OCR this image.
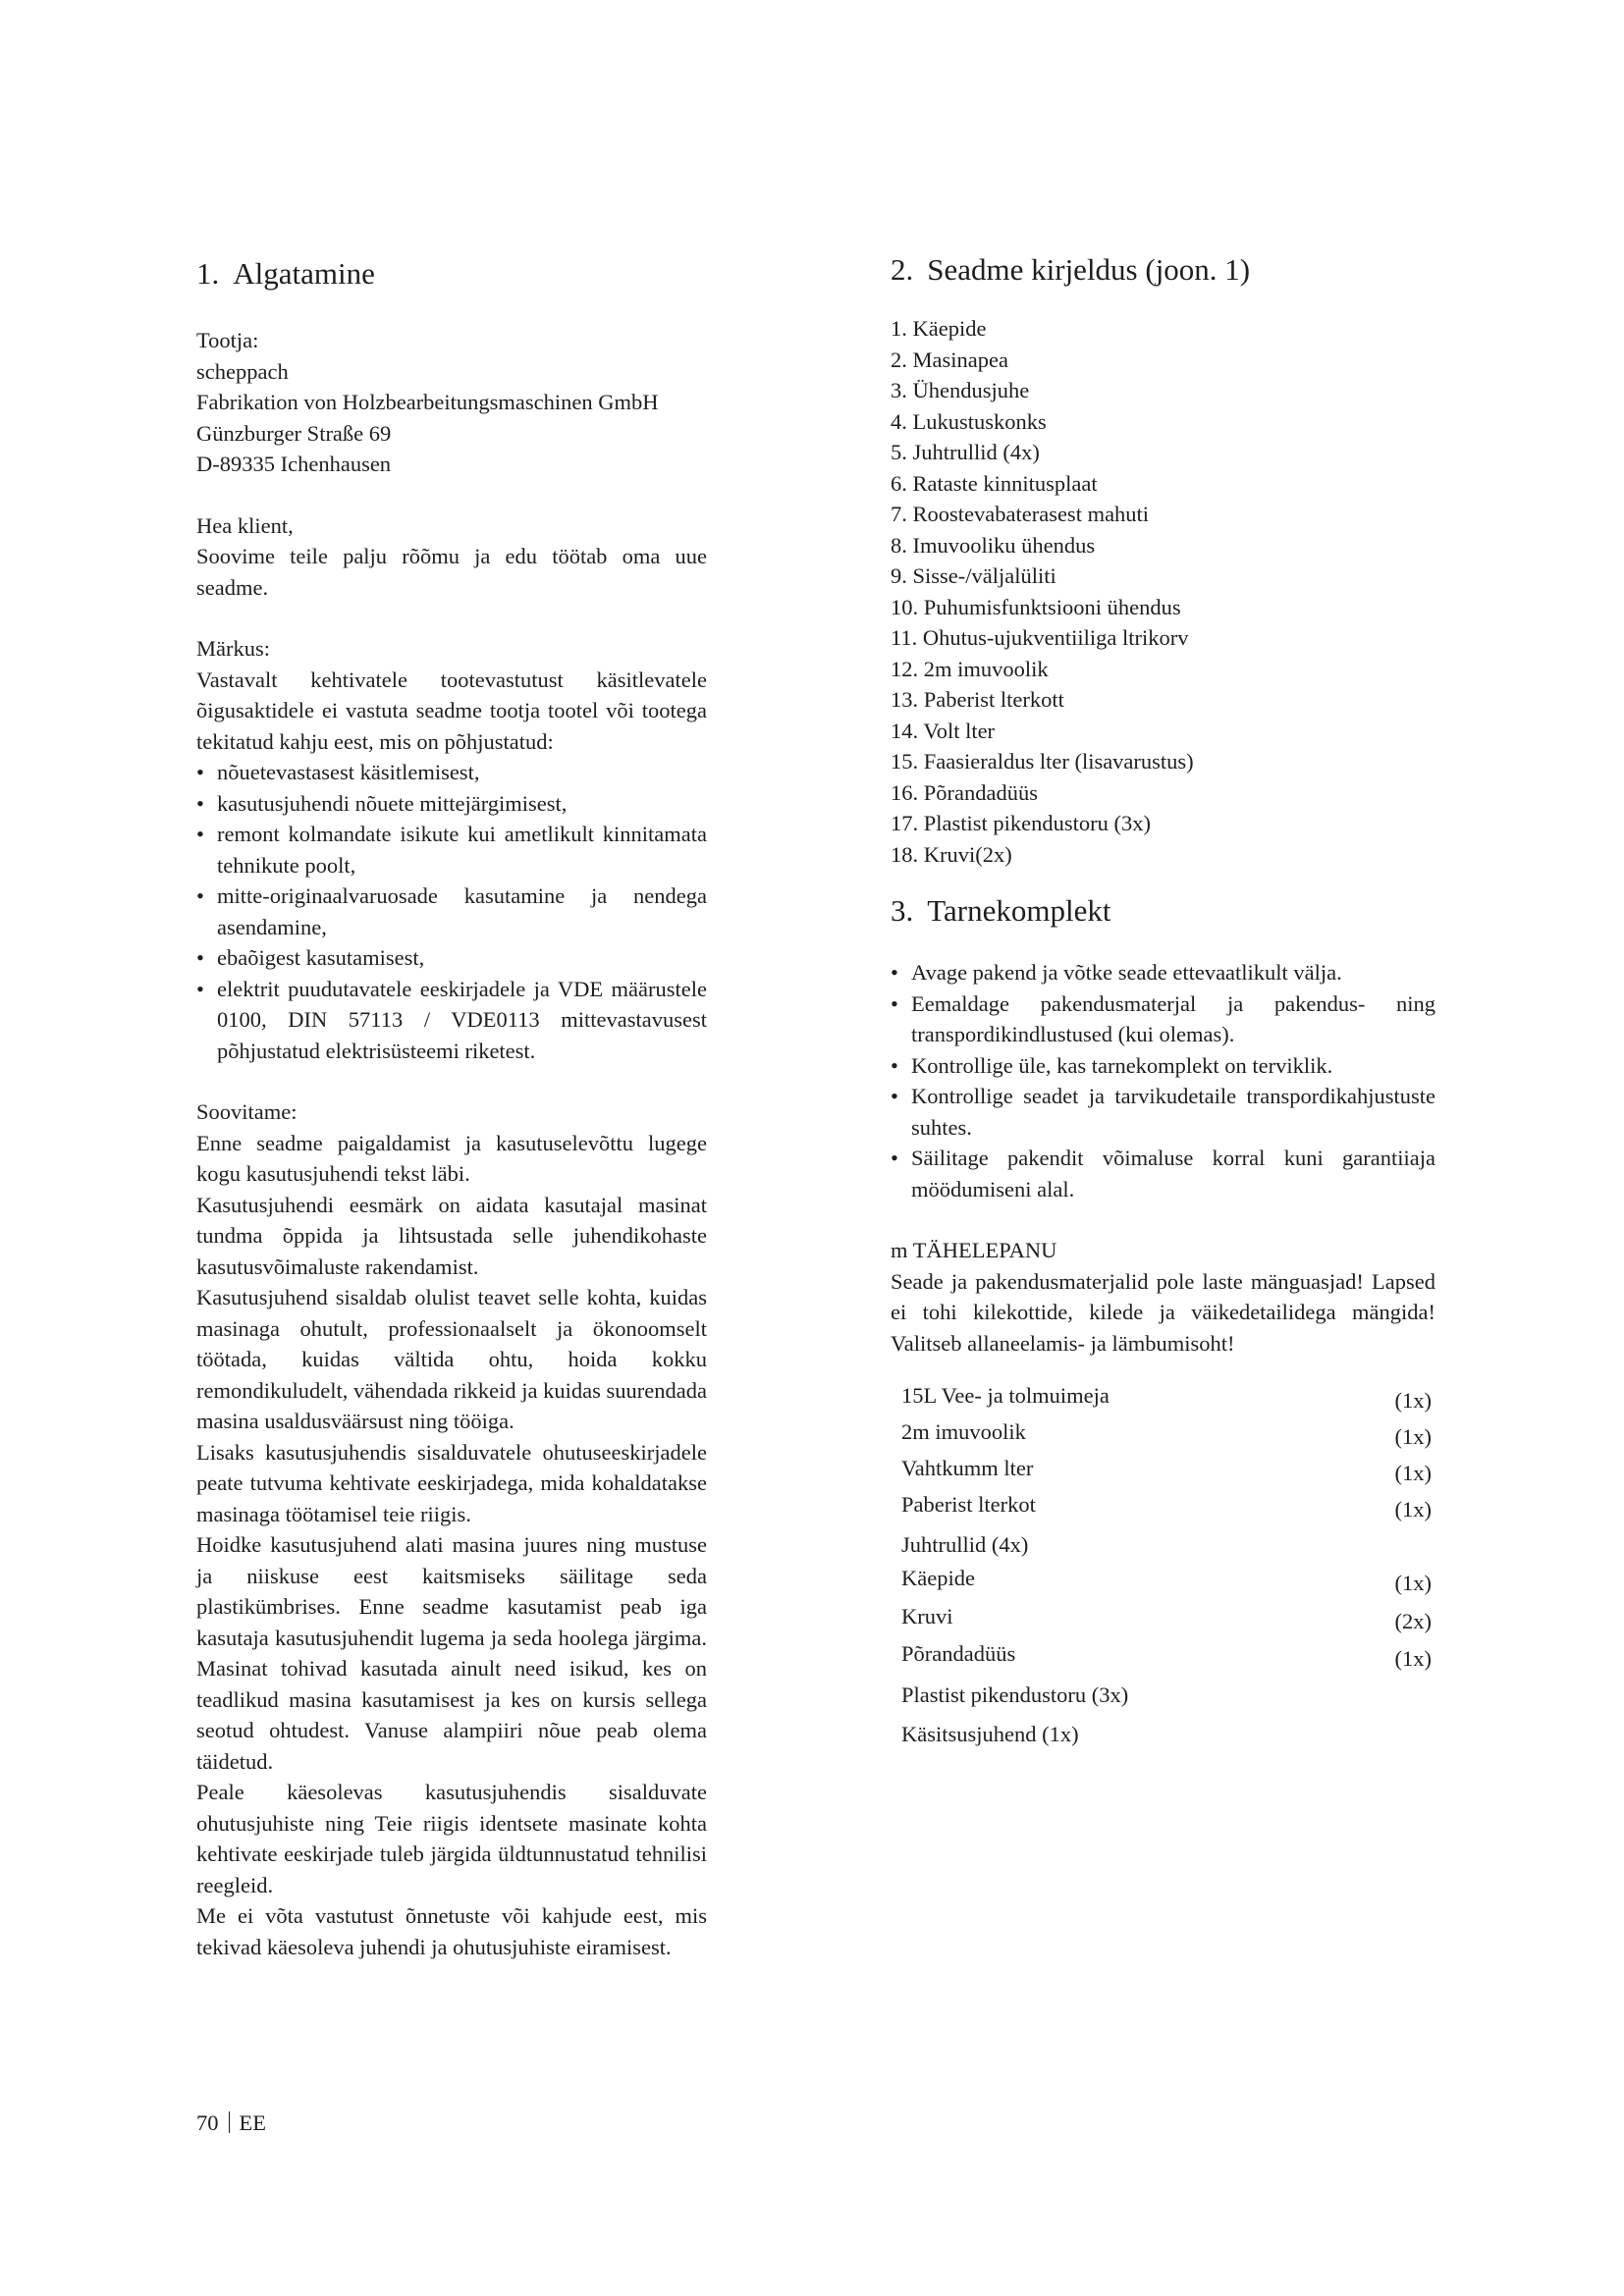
1. Algatamine

Tootja:

scheppach

Fabrikation von Holzbearbeitungsmaschinen GmbH

Günzburger Straße 69

D-89335 Ichenhausen

Hea klient,

Soovime teile palju rõõmu ja edu töötab oma uue seadme.

Märkus:

Vastavalt kehtivatele tootevastutust käsitlevatele õigusaktidele ei vastuta seadme tootja tootel või tootega tekitatud kahju eest, mis on põhjustatud:

• nõuetevastasest käsitlemisest,
• kasutusjuhendi nõuete mittejärgimisest,
• remont kolmandate isikute kui ametlikult kinnitamata tehnikute poolt,
• mitte-originaalvaruosade kasutamine ja nendega asendamine,
• ebaõigest kasutamisest,
• elektrit puudutavatele eeskirjadele ja VDE määrustele 0100, DIN 57113 / VDE0113 mittevastavusest põhjustatud elektrisüsteemi riketest.

Soovitame:

Enne seadme paigaldamist ja kasutuselevõttu lugege kogu kasutusjuhendi tekst läbi.

Kasutusjuhendi eesmärk on aidata kasutajal masinat tundma õppida ja lihtsustada selle juhendikohaste kasutusvõimaluste rakendamist.

Kasutusjuhend sisaldab olulist teavet selle kohta, kuidas masinaga ohutult, professionaalselt ja ökonoomselt töötada, kuidas vältida ohtu, hoida kokku remondikuludelt, vähendada rikkeid ja kuidas suurendada masina usaldusväärsust ning tööiga.

Lisaks kasutusjuhendis sisalduvatele ohutuseeskirjadele peate tutvuma kehtivate eeskirjadega, mida kohaldatakse masinaga töötamisel teie riigis.

Hoidke kasutusjuhend alati masina juures ning mustuse ja niiskuse eest kaitsmiseks säilitage seda plastikümbrises. Enne seadme kasutamist peab iga kasutaja kasutusjuhendit lugema ja seda hoolega järgima. Masinat tohivad kasutada ainult need isikud, kes on teadlikud masina kasutamisest ja kes on kursis sellega seotud ohtudest. Vanuse alampiiri nõue peab olema täidetud.

Peale käesolevas kasutusjuhendis sisalduvate ohutusjuhiste ning Teie riigis identsete masinate kohta kehtivate eeskirjade tuleb järgida üldtunnustatud tehnilisi reegleid.

Me ei võta vastutust õnnetuste või kahjude eest, mis tekivad käesoleva juhendi ja ohutusjuhiste eiramisest.

2. Seadme kirjeldus (joon. 1)
1. Käepide
2. Masinapea
3. Ühendusjuhe
4. Lukustuskonks
5. Juhtrullid (4x)
6. Rataste kinnitusplaat
7. Roostevabaterasest mahuti
8. Imuvooliku ühendus
9. Sisse-/väljalüliti
10. Puhumisfunktsiooni ühendus
11. Ohutus-ujukventiiliga ltrikorv
12. 2m imuvoolik
13. Paberist lterkott
14. Volt lter
15. Faasieraldus lter (lisavarustus)
16. Põrandadüüs
17. Plastist pikendustoru (3x)
18. Kruvi(2x)
3. Tarnekomplekt
• Avage pakend ja võtke seade ettevaatlikult välja.
• Eemaldage pakendusmaterjal ja pakendus- ning transpordikindlustused (kui olemas).
• Kontrollige üle, kas tarnekomplekt on terviklik.
• Kontrollige seadet ja tarvikudetaile transpordikahjustuste suhtes.
• Säilitage pakendit võimaluse korral kuni garantiiaja möödumiseni alal.

m TÄHELEPANU

Seade ja pakendusmaterjalid pole laste mänguasjad! Lapsed ei tohi kilekottide, kilede ja väikedetailidega mängida! Valitseb allaneelamis- ja lämbumisoht!

15L Vee- ja tolmuimeja	(1x)
2m imuvoolik	(1x)
Vahtkumm lter	(1x)
Paberist lterkot	(1x)
Juhtrullid (4x)
Käepide	(1x)
Kruvi	(2x)
Põrandadüüs	(1x)
Plastist pikendustoru (3x)
Käsitsusjuhend (1x)
70 EE
